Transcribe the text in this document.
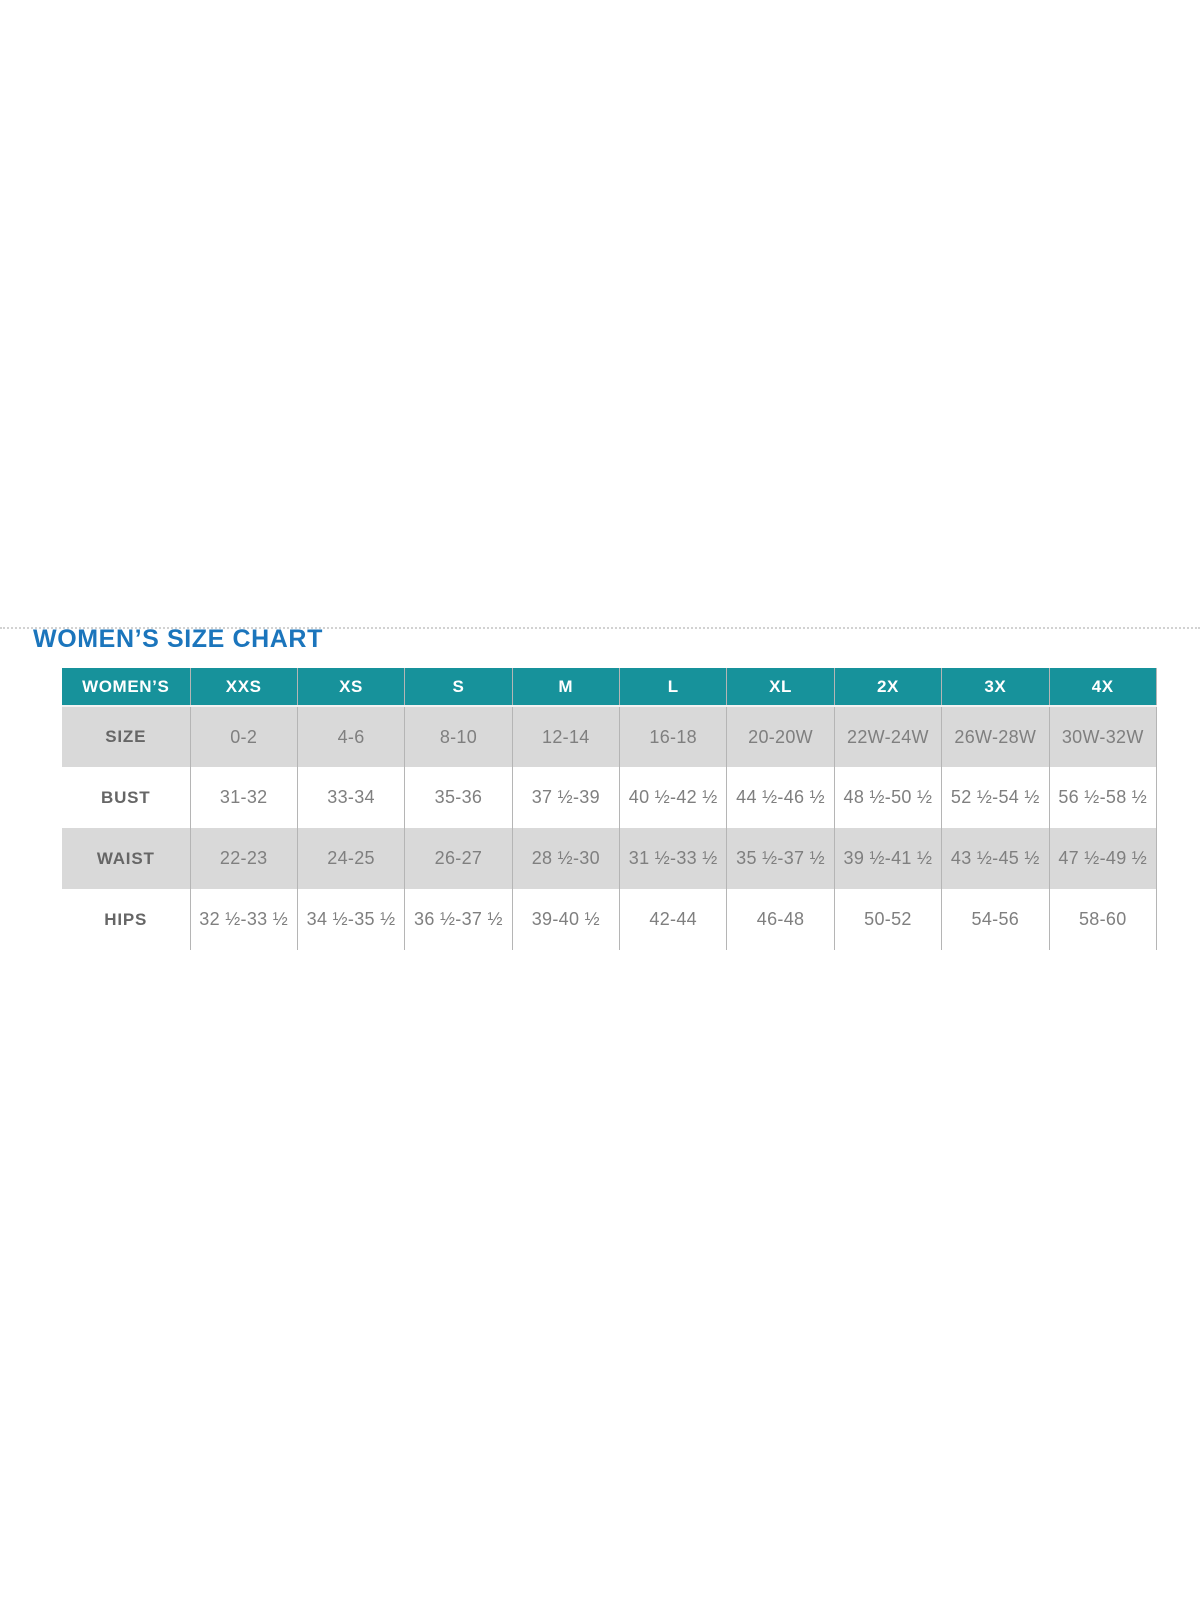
WOMEN’S SIZE CHART
WOMEN’S	XXS	XS	S	M	L	XL	2X	3X	4X
SIZE	0-2	4-6	8-10	12-14	16-18	20-20W	22W-24W	26W-28W	30W-32W
BUST	31-32	33-34	35-36	37 ½-39	40 ½-42 ½	44 ½-46 ½	48 ½-50 ½	52 ½-54 ½	56 ½-58 ½
WAIST	22-23	24-25	26-27	28 ½-30	31 ½-33 ½	35 ½-37 ½	39 ½-41 ½	43 ½-45 ½	47 ½-49 ½
HIPS	32 ½-33 ½	34 ½-35 ½	36 ½-37 ½	39-40 ½	42-44	46-48	50-52	54-56	58-60
